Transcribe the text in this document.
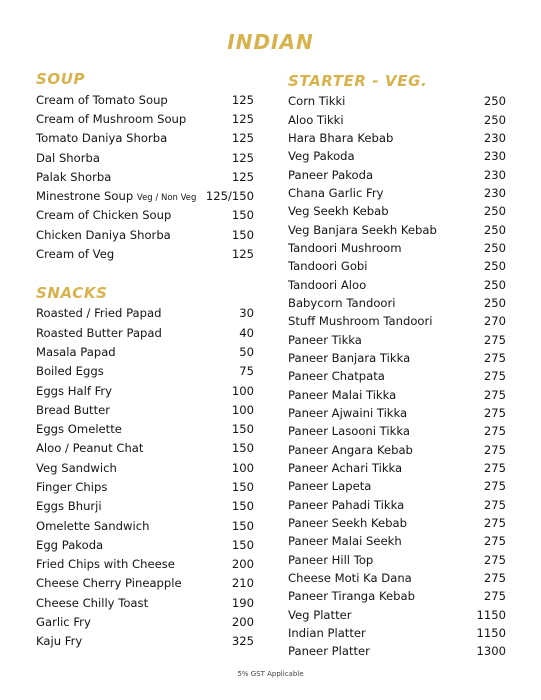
INDIAN
SOUP
Cream of Tomato Soup	125
Cream of Mushroom Soup	125
Tomato Daniya Shorba	125
Dal Shorba	125
Palak Shorba	125
Minestrone Soup Veg / Non Veg 125/150
Cream of Chicken Soup	150
Chicken Daniya Shorba	150
Cream of Veg	125
SNACKS
Roasted / Fried Papad	30
Roasted Butter Papad	40
Masala Papad	50
Boiled Eggs	75
Eggs Half Fry	100
Bread Butter	100
Eggs Omelette	150
Aloo / Peanut Chat	150
Veg Sandwich	100
Finger Chips	150
Eggs Bhurji	150
Omelette Sandwich	150
Egg Pakoda	150
Fried Chips with Cheese	200
Cheese Cherry Pineapple	210
Cheese Chilly Toast	190
Garlic Fry	200
Kaju Fry	325
STARTER - VEG.
Corn Tikki	250
Aloo Tikki	250
Hara Bhara Kebab	230
Veg Pakoda	230
Paneer Pakoda	230
Chana Garlic Fry	230
Veg Seekh Kebab	250
Veg Banjara Seekh Kebab	250
Tandoori Mushroom	250
Tandoori Gobi	250
Tandoori Aloo	250
Babycorn Tandoori	250
Stuff Mushroom Tandoori	270
Paneer Tikka	275
Paneer Banjara Tikka	275
Paneer Chatpata	275
Paneer Malai Tikka	275
Paneer Ajwaini Tikka	275
Paneer Lasooni Tikka	275
Paneer Angara Kebab	275
Paneer Achari Tikka	275
Paneer Lapeta	275
Paneer Pahadi Tikka	275
Paneer Seekh Kebab	275
Paneer Malai Seekh	275
Paneer Hill Top	275
Cheese Moti Ka Dana	275
Paneer Tiranga Kebab	275
Veg Platter	1150
Indian Platter	1150
Paneer Platter	1300
5% GST Applicable
